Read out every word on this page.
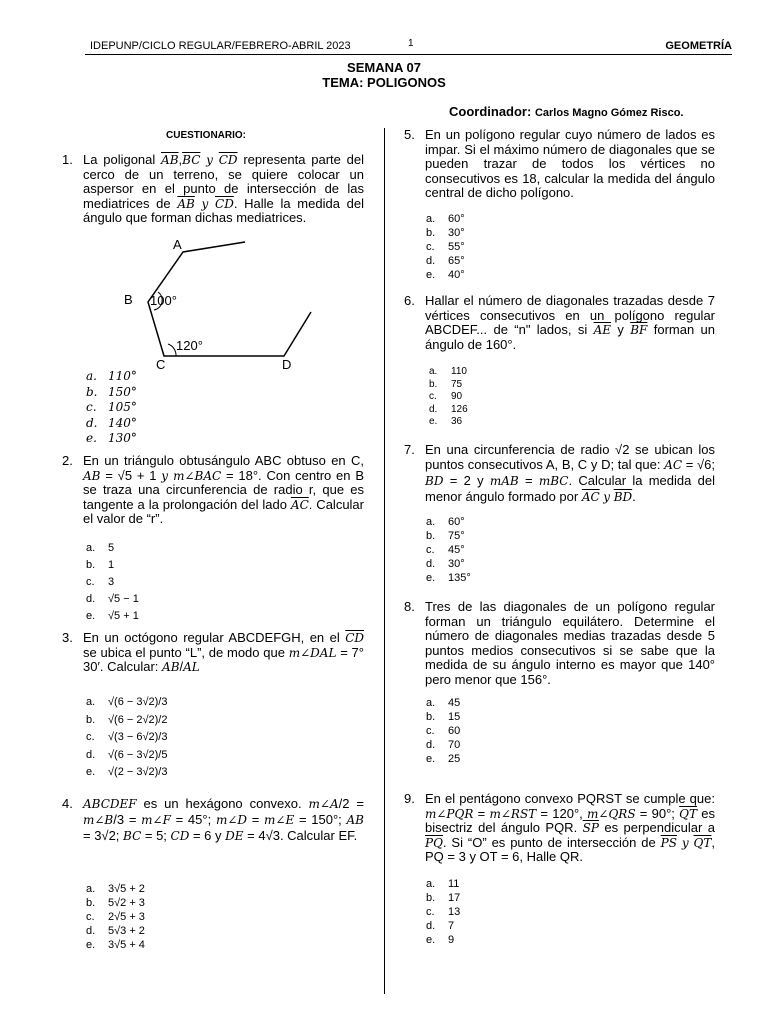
IDEPUNP/CICLO REGULAR/FEBRERO-ABRIL 2023	1	GEOMETRÍA
SEMANA 07
TEMA: POLIGONOS
Coordinador: Carlos Magno Gómez Risco.
CUESTIONARIO:
1. La poligonal $\overline{AB},\overline{BC}$ y $\overline{CD}$ representa parte del cerco de un terreno, se quiere colocar un aspersor en el punto de intersección de las mediatrices de $\overline{AB}$ y $\overline{CD}$. Halle la medida del ángulo que forman dichas mediatrices.
A
B
C	D
100°
120°
a. 110°
b. 150°
c. 105°
d. 140°
e. 130°
2. En un triángulo obtusángulo ABC obtuso en C, AB = √5 + 1 y m∠BAC = 18°. Con centro en B se traza una circunferencia de radio r, que es tangente a la prolongación del lado $\overline{AC}$. Calcular el valor de “r”.
a. 5
b. 1
c. 3
d. √5 − 1
e. √5 + 1
3. En un octógono regular ABCDEFGH, en el $\overline{CD}$ se ubica el punto “L”, de modo que m∠DAL = 7° 30′. Calcular: AB/AL
a. √(6 − 3√2)/3
b. √(6 − 2√2)/2
c. √(3 − 6√2)/3
d. √(6 − 3√2)/5
e. √(2 − 3√2)/3
4. ABCDEF es un hexágono convexo. m∠A/2 = m∠B/3 = m∠F = 45°; m∠D = m∠E = 150°; AB = 3√2; BC = 5; CD = 6 y DE = 4√3. Calcular EF.
a. 3√5 + 2
b. 5√2 + 3
c. 2√5 + 3
d. 5√3 + 2
e. 3√5 + 4
5. En un polígono regular cuyo número de lados es impar. Si el máximo número de diagonales que se pueden trazar de todos los vértices no consecutivos es 18, calcular la medida del ángulo central de dicho polígono.
a. 60°
b. 30°
c. 55°
d. 65°
e. 40°
6. Hallar el número de diagonales trazadas desde 7 vértices consecutivos en un polígono regular ABCDEF... de “n" lados, si $\overline{AE}$ y $\overline{BF}$ forman un ángulo de 160°.
a. 110
b. 75
c. 90
d. 126
e. 36
7. En una circunferencia de radio √2 se ubican los puntos consecutivos A, B, C y D; tal que: AC = √6; BD = 2 y mAB = mBC. Calcular la medida del menor ángulo formado por $\overline{AC}$ y $\overline{BD}$.
a. 60°
b. 75°
c. 45°
d. 30°
e. 135°
8. Tres de las diagonales de un polígono regular forman un triángulo equilátero. Determine el número de diagonales medias trazadas desde 5 puntos medios consecutivos si se sabe que la medida de su ángulo interno es mayor que 140° pero menor que 156°.
a. 45
b. 15
c. 60
d. 70
e. 25
9. En el pentágono convexo PQRST se cumple que: m∠PQR = m∠RST = 120°, m∠QRS = 90°; $\overline{QT}$ es bisectriz del ángulo PQR. $\overline{SP}$ es perpendicular a $\overline{PQ}$. Si “O” es punto de intersección de $\overline{PS}$ y $\overline{QT}$, PQ = 3 y OT = 6, Halle QR.
a. 11
b. 17
c. 13
d. 7
e. 9
